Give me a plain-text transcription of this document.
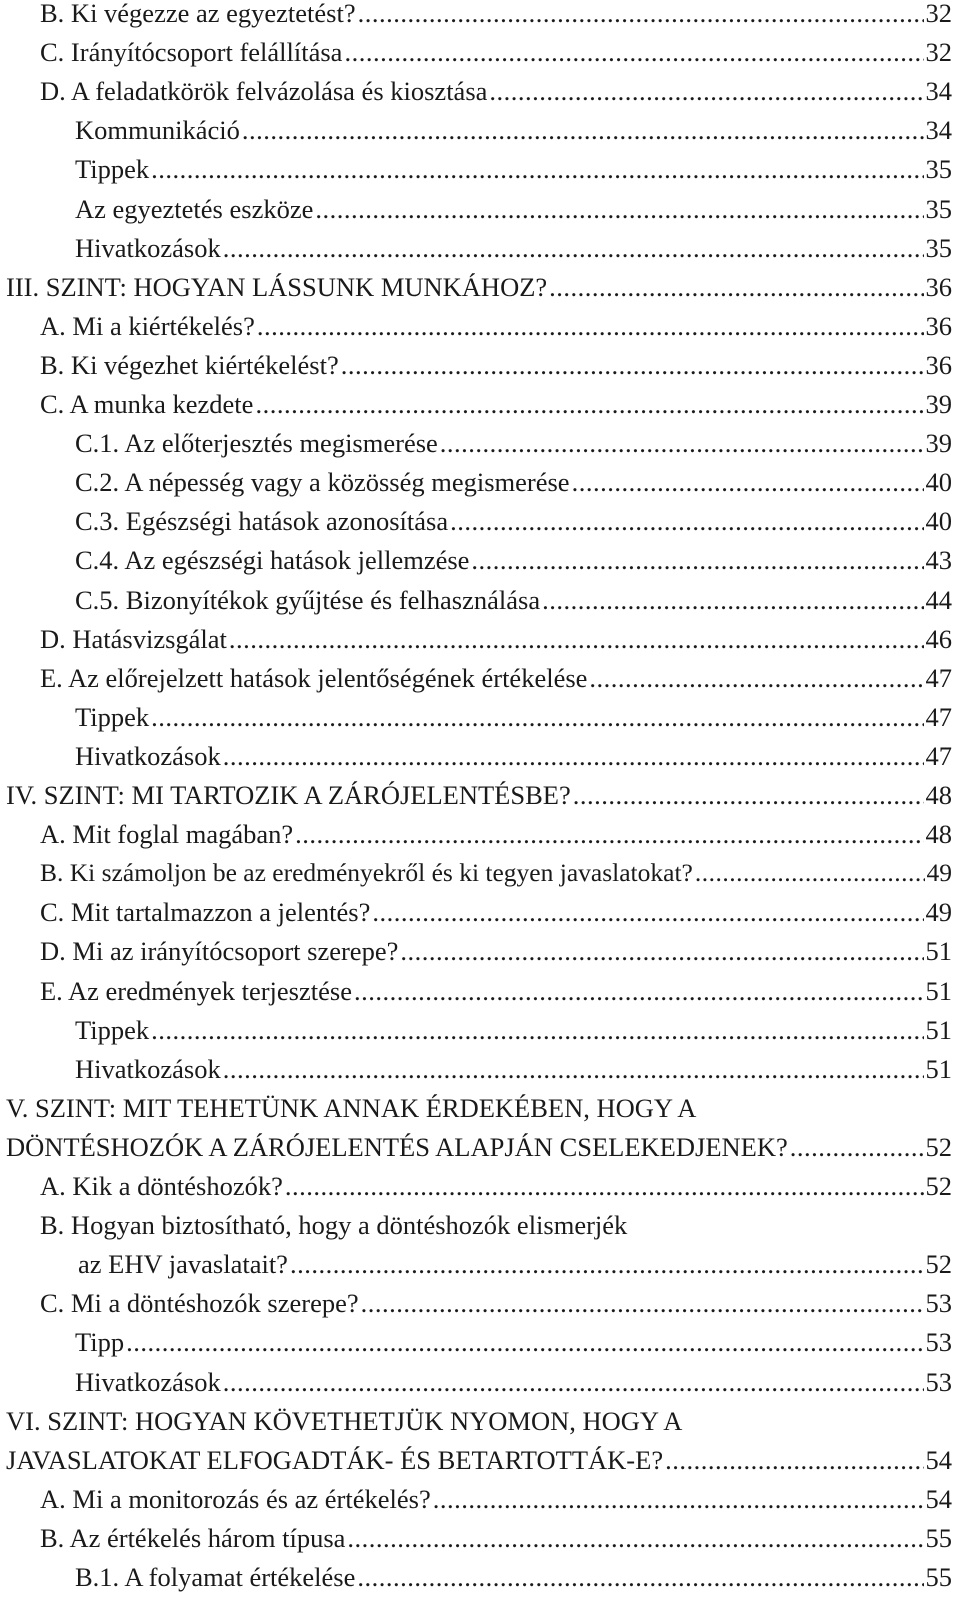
B. Ki végezze az egyeztetést? .....	32
C. Irányítócsoport felállítása .....	32
D. A feladatkörök felvázolása és kiosztása .....	34
Kommunikáció .....	34
Tippek .....	35
Az egyeztetés eszköze .....	35
Hivatkozások .....	35
III. SZINT: HOGYAN LÁSSUNK MUNKÁHOZ? .....	36
A. Mi a kiértékelés? .....	36
B. Ki végezhet kiértékelést? .....	36
C. A munka kezdete .....	39
C.1. Az előterjesztés megismerése .....	39
C.2. A népesség vagy a közösség megismerése .....	40
C.3. Egészségi hatások azonosítása .....	40
C.4. Az egészségi hatások jellemzése .....	43
C.5. Bizonyítékok gyűjtése és felhasználása .....	44
D. Hatásvizsgálat .....	46
E. Az előrejelzett hatások jelentőségének értékelése .....	47
Tippek .....	47
Hivatkozások .....	47
IV. SZINT: MI TARTOZIK A ZÁRÓJELENTÉSBE? .....	48
A. Mit foglal magában? .....	48
B. Ki számoljon be az eredményekről és ki tegyen javaslatokat? .....	49
C. Mit tartalmazzon a jelentés? .....	49
D. Mi az irányítócsoport szerepe? .....	51
E. Az eredmények terjesztése .....	51
Tippek .....	51
Hivatkozások .....	51
V. SZINT: MIT TEHETÜNK ANNAK ÉRDEKÉBEN, HOGY A
DÖNTÉSHOZÓK A ZÁRÓJELENTÉS ALAPJÁN CSELEKEDJENEK? .....	52
A. Kik a döntéshozók? .....	52
B. Hogyan biztosítható, hogy a döntéshozók elismerjék
az EHV javaslatait? .....	52
C. Mi a döntéshozók szerepe? .....	53
Tipp .....	53
Hivatkozások .....	53
VI. SZINT: HOGYAN KÖVETHETJÜK NYOMON, HOGY A
JAVASLATOKAT ELFOGADTÁK- ÉS BETARTOTTÁK-E? .....	54
A. Mi a monitorozás és az értékelés? .....	54
B. Az értékelés három típusa .....	55
B.1. A folyamat értékelése .....	55
